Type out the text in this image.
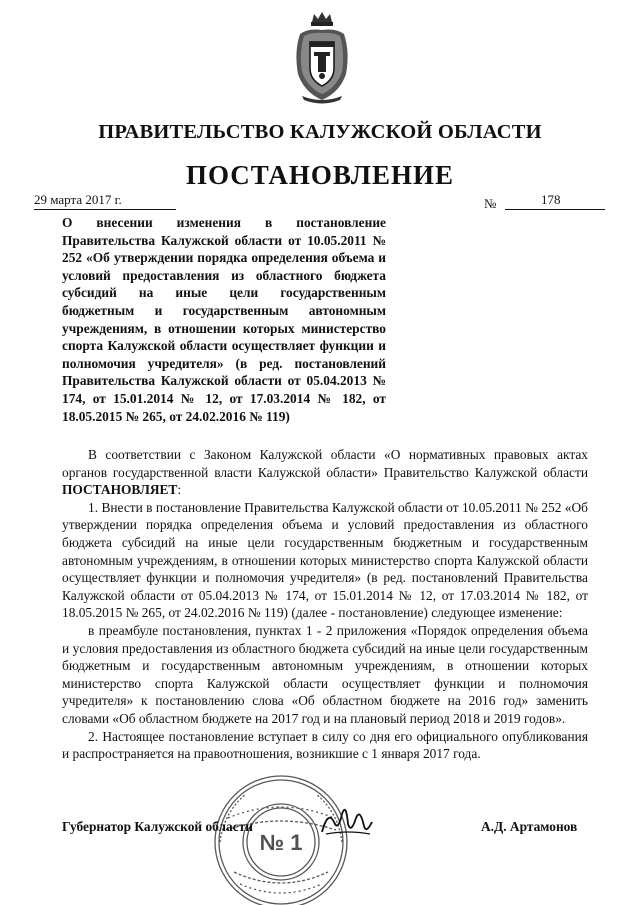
ПРАВИТЕЛЬСТВО КАЛУЖСКОЙ ОБЛАСТИ
ПОСТАНОВЛЕНИЕ
29 марта 2017 г.	№	178
О внесении изменения в постановление Правительства Калужской области от 10.05.2011 № 252 «Об утверждении порядка определения объема и условий предоставления из областного бюджета субсидий на иные цели государственным бюджетным и государственным автономным учреждениям, в отношении которых министерство спорта Калужской области осуществляет функции и полномочия учредителя» (в ред. постановлений Правительства Калужской области от 05.04.2013 № 174, от 15.01.2014 № 12, от 17.03.2014 № 182, от 18.05.2015 № 265, от 24.02.2016 № 119)

В соответствии с Законом Калужской области «О нормативных правовых актах органов государственной власти Калужской области» Правительство Калужской области ПОСТАНОВЛЯЕТ:

1. Внести в постановление Правительства Калужской области от 10.05.2011 № 252 «Об утверждении порядка определения объема и условий предоставления из областного бюджета субсидий на иные цели государственным бюджетным и государственным автономным учреждениям, в отношении которых министерство спорта Калужской области осуществляет функции и полномочия учредителя» (в ред. постановлений Правительства Калужской области от 05.04.2013 № 174, от 15.01.2014 № 12, от 17.03.2014 № 182, от 18.05.2015 № 265, от 24.02.2016 № 119) (далее - постановление) следующее изменение:

в преамбуле постановления, пунктах 1 - 2 приложения «Порядок определения объема и условия предоставления из областного бюджета субсидий на иные цели государственным бюджетным и государственным автономным учреждениям, в отношении которых министерство спорта Калужской области осуществляет функции и полномочия учредителя» к постановлению слова «Об областном бюджете на 2016 год» заменить словами «Об областном бюджете на 2017 год и на плановый период 2018 и 2019 годов».

2. Настоящее постановление вступает в силу со дня его официального опубликования и распространяется на правоотношения, возникшие с 1 января 2017 года.

№ 1
Губернатор Калужской области	А.Д. Артамонов
